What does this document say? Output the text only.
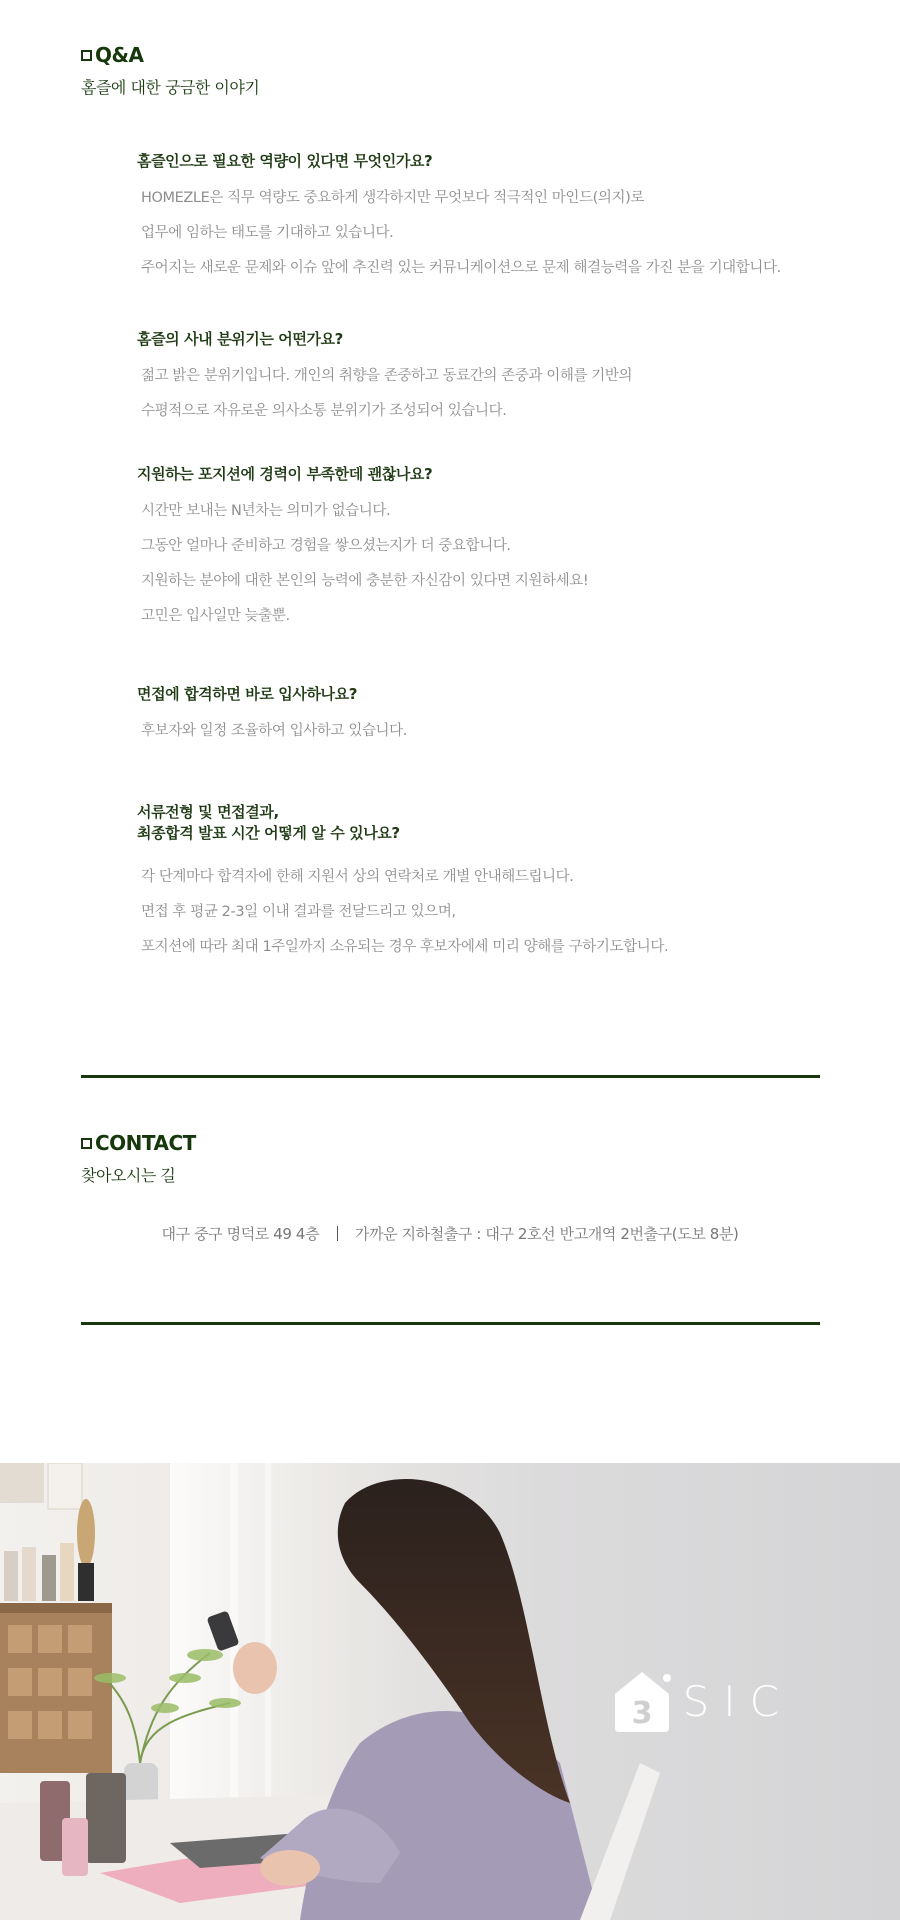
Q&A
홈즐에 대한 궁금한 이야기
홈즐인으로 필요한 역량이 있다면 무엇인가요?
HOMEZLE은 직무 역량도 중요하게 생각하지만 무엇보다 적극적인 마인드(의지)로
업무에 임하는 태도를 기대하고 있습니다.
주어지는 새로운 문제와 이슈 앞에 추진력 있는 커뮤니케이션으로 문제 해결능력을 가진 분을 기대합니다.
홈즐의 사내 분위기는 어떤가요?
젊고 밝은 분위기입니다. 개인의 취향을 존중하고 동료간의 존중과 이해를 기반의
수평적으로 자유로운 의사소통 분위기가 조성되어 있습니다.
지원하는 포지션에 경력이 부족한데 괜찮나요?
시간만 보내는 N년차는 의미가 없습니다.
그동안 얼마나 준비하고 경험을 쌓으셨는지가 더 중요합니다.
지원하는 분야에 대한 본인의 능력에 충분한 자신감이 있다면 지원하세요!
고민은 입사일만 늦출뿐.
면접에 합격하면 바로 입사하나요?
후보자와 일정 조율하여 입사하고 있습니다.
서류전형 및 면접결과,
최종합격 발표 시간 어떻게 알 수 있나요?
각 단계마다 합격자에 한해 지원서 상의 연락처로 개별 안내해드립니다.
면접 후 평균 2-3일 이내 결과를 전달드리고 있으며,
포지션에 따라 최대 1주일까지 소유되는 경우 후보자에세 미리 양해를 구하기도합니다.
CONTACT
찾아오시는 길
대구 중구 명덕로 49 4층 가까운 지하철출구 : 대구 2호선 반고개역 2번출구(도보 8분)
3 SIC
